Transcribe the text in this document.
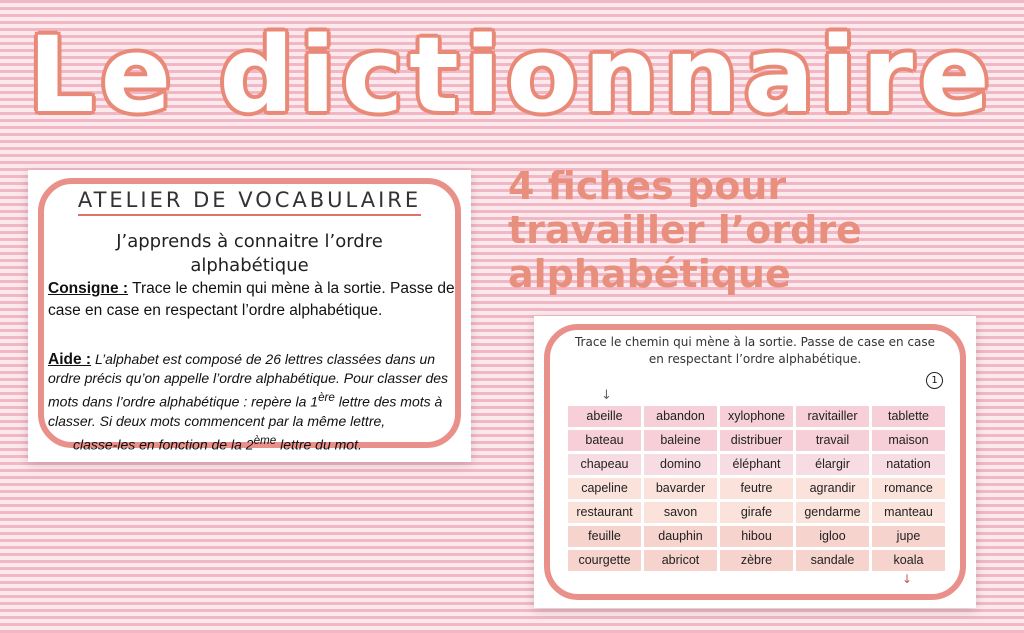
Le dictionnaire
4 fiches pour travailler l’ordre alphabétique
ATELIER DE VOCABULAIRE
J’apprends à connaitre l’ordre alphabétique
Consigne : Trace le chemin qui mène à la sortie. Passe de case en case en respectant l’ordre alphabétique.
Aide : L’alphabet est composé de 26 lettres classées dans un ordre précis qu’on appelle l’ordre alphabétique. Pour classer des mots dans l’ordre alphabétique : repère la 1ère lettre des mots à classer. Si deux mots commencent par la même lettre,
classe-les en fonction de la 2ème lettre du mot.
Trace le chemin qui mène à la sortie. Passe de case en case en respectant l’ordre alphabétique.
1
↓
abeille	abandon	xylophone	ravitailler	tablette
bateau	baleine	distribuer	travail	maison
chapeau	domino	éléphant	élargir	natation
capeline	bavarder	feutre	agrandir	romance
restaurant	savon	girafe	gendarme	manteau
feuille	dauphin	hibou	igloo	jupe
courgette	abricot	zèbre	sandale	koala
↓
